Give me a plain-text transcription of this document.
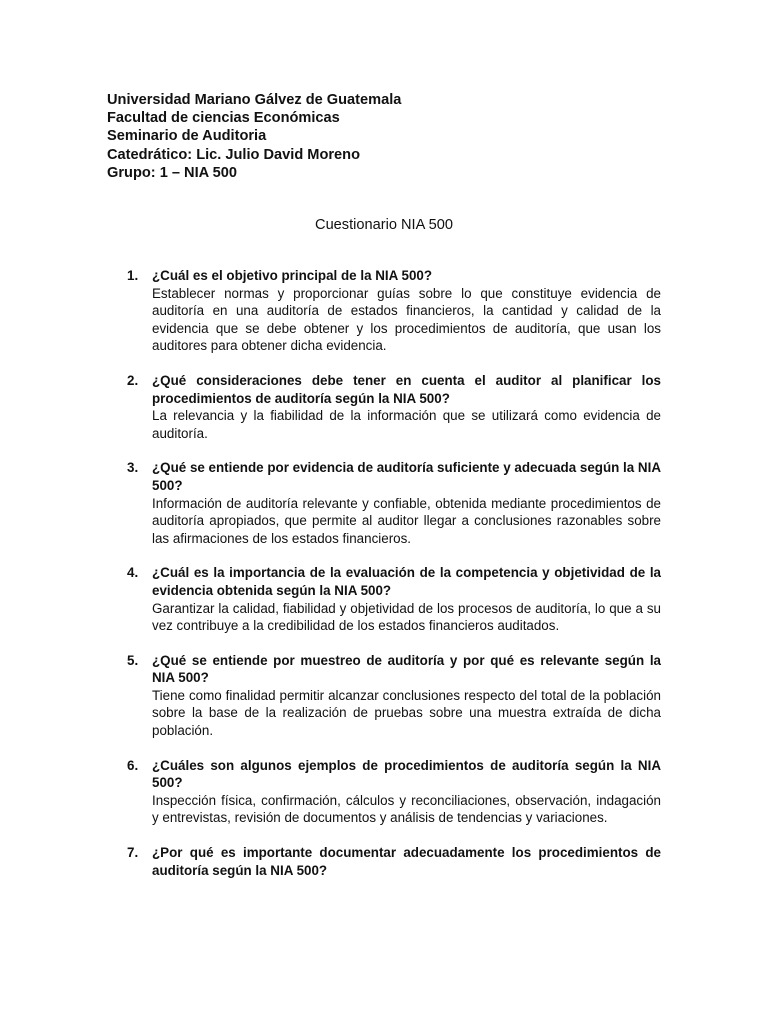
Universidad Mariano Gálvez de Guatemala
Facultad de ciencias Económicas
Seminario de Auditoria
Catedrático: Lic. Julio David Moreno
Grupo: 1 – NIA 500
Cuestionario NIA 500
1. ¿Cuál es el objetivo principal de la NIA 500?
Establecer normas y proporcionar guías sobre lo que constituye evidencia de auditoría en una auditoría de estados financieros, la cantidad y calidad de la evidencia que se debe obtener y los procedimientos de auditoría, que usan los auditores para obtener dicha evidencia.
2. ¿Qué consideraciones debe tener en cuenta el auditor al planificar los procedimientos de auditoría según la NIA 500?
La relevancia y la fiabilidad de la información que se utilizará como evidencia de auditoría.
3. ¿Qué se entiende por evidencia de auditoría suficiente y adecuada según la NIA 500?
Información de auditoría relevante y confiable, obtenida mediante procedimientos de auditoría apropiados, que permite al auditor llegar a conclusiones razonables sobre las afirmaciones de los estados financieros.
4. ¿Cuál es la importancia de la evaluación de la competencia y objetividad de la evidencia obtenida según la NIA 500?
Garantizar la calidad, fiabilidad y objetividad de los procesos de auditoría, lo que a su vez contribuye a la credibilidad de los estados financieros auditados.
5. ¿Qué se entiende por muestreo de auditoría y por qué es relevante según la NIA 500?
Tiene como finalidad permitir alcanzar conclusiones respecto del total de la población sobre la base de la realización de pruebas sobre una muestra extraída de dicha población.
6. ¿Cuáles son algunos ejemplos de procedimientos de auditoría según la NIA 500?
Inspección física, confirmación, cálculos y reconciliaciones, observación, indagación y entrevistas, revisión de documentos y análisis de tendencias y variaciones.
7. ¿Por qué es importante documentar adecuadamente los procedimientos de auditoría según la NIA 500?
